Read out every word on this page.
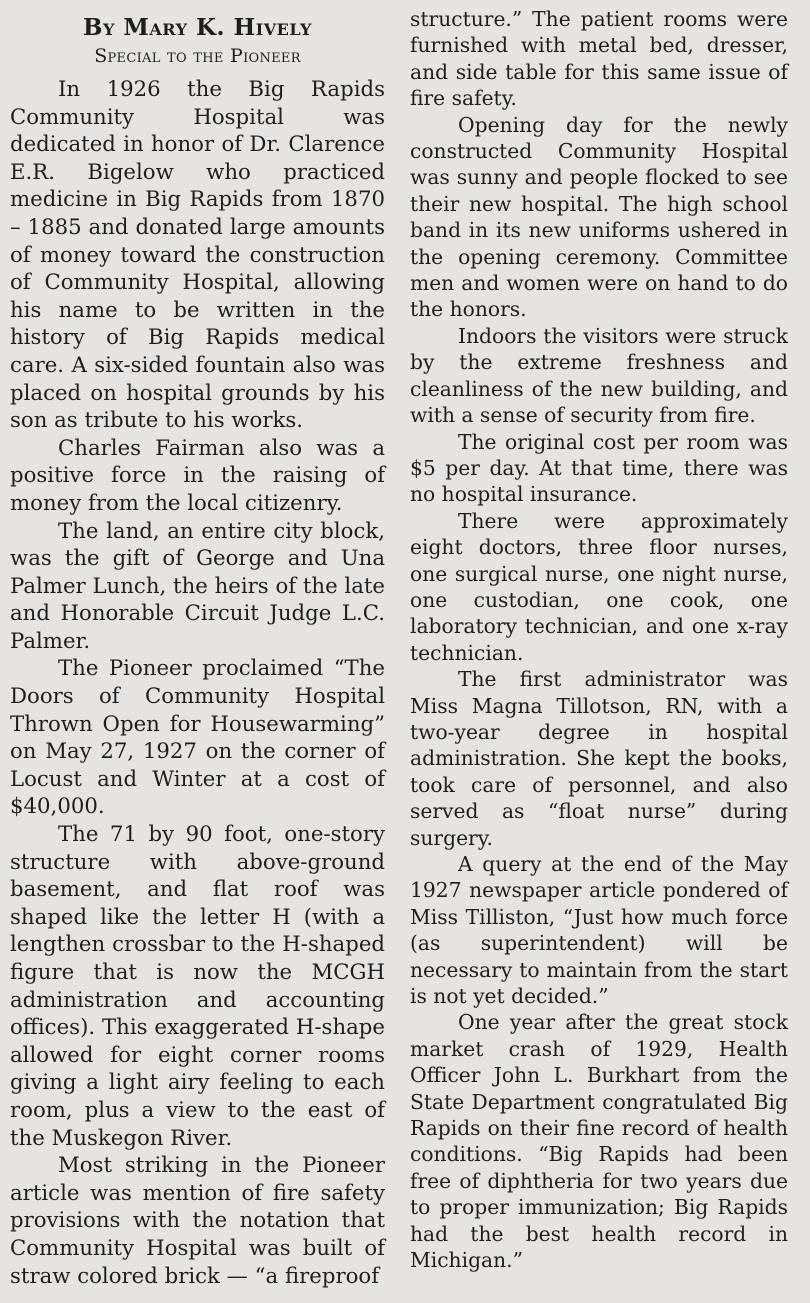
By Mary K. Hively
Special to the Pioneer

In 1926 the Big Rapids Community Hospital was dedicated in honor of Dr. Clarence E.R. Bigelow who practiced medicine in Big Rapids from 1870 – 1885 and donated large amounts of money toward the construction of Community Hospital, allowing his name to be written in the history of Big Rapids medical care. A six-sided fountain also was placed on hospital grounds by his son as tribute to his works.

Charles Fairman also was a positive force in the raising of money from the local citizenry.

The land, an entire city block, was the gift of George and Una Palmer Lunch, the heirs of the late and Honorable Circuit Judge L.C. Palmer.

The Pioneer proclaimed “The Doors of Community Hospital Thrown Open for Housewarming” on May 27, 1927 on the corner of Locust and Winter at a cost of $40,000.

The 71 by 90 foot, one-story structure with above-ground basement, and flat roof was shaped like the letter H (with a lengthen crossbar to the H-shaped figure that is now the MCGH administration and accounting offices). This exaggerated H-shape allowed for eight corner rooms giving a light airy feeling to each room, plus a view to the east of the Muskegon River.

Most striking in the Pioneer article was mention of fire safety provisions with the notation that Community Hospital was built of straw colored brick — “a fireproof

structure.” The patient rooms were furnished with metal bed, dresser, and side table for this same issue of fire safety.

Opening day for the newly constructed Community Hospital was sunny and people flocked to see their new hospital. The high school band in its new uniforms ushered in the opening ceremony. Committee men and women were on hand to do the honors.

Indoors the visitors were struck by the extreme freshness and cleanliness of the new building, and with a sense of security from fire.

The original cost per room was $5 per day. At that time, there was no hospital insurance.

There were approximately eight doctors, three floor nurses, one surgical nurse, one night nurse, one custodian, one cook, one laboratory technician, and one x-ray technician.

The first administrator was Miss Magna Tillotson, RN, with a two-year degree in hospital administration. She kept the books, took care of personnel, and also served as “float nurse” during surgery.

A query at the end of the May 1927 newspaper article pondered of Miss Tilliston, “Just how much force (as superintendent) will be necessary to maintain from the start is not yet decided.”

One year after the great stock market crash of 1929, Health Officer John L. Burkhart from the State Department congratulated Big Rapids on their fine record of health conditions. “Big Rapids had been free of diphtheria for two years due to proper immunization; Big Rapids had the best health record in Michigan.”
